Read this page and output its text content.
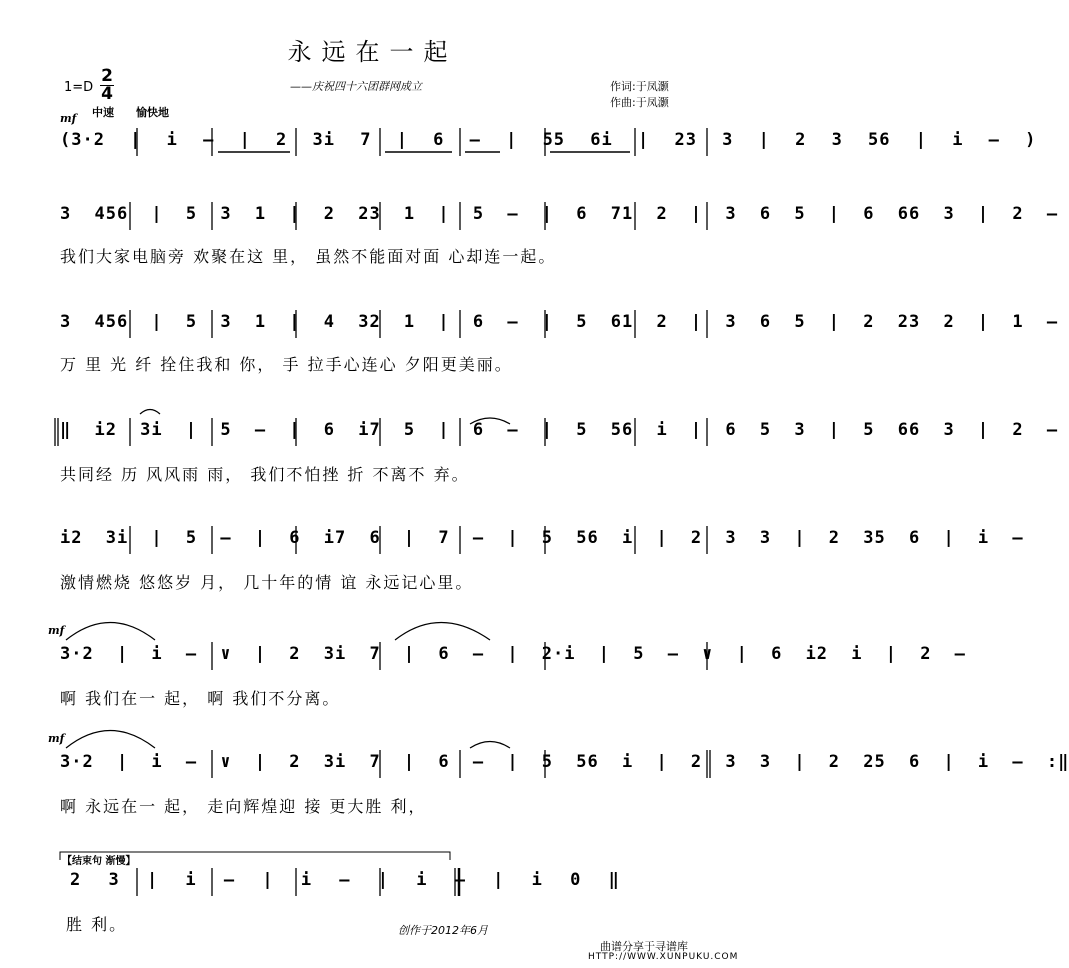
永远在一起
——庆祝四十六团群网成立	作词:于凤灏
作曲:于凤灏
1=D
2
4
mf 中速　　愉快地
(3·2 | i – | 2 3i 7 | 6 – | 55 6i | 23 3 | 2 3 56 | i – )
3 456 | 5 3 1 | 2 23 1 | 5 – | 6 71 2 | 3 6 5 | 6 66 3 | 2 –
我们大家电脑旁 欢聚在这 里， 虽然不能面对面 心却连一起。
3 456 | 5 3 1 | 4 32 1 | 6 – | 5 61 2 | 3 6 5 | 2 23 2 | 1 –
万 里 光 纤 拴住我和 你， 手 拉手心连心 夕阳更美丽。
‖ i2 3i | 5 – | 6 i7 5 | 6 – | 5 56 i | 6 5 3 | 5 66 3 | 2 –
共同经 历 风风雨 雨， 我们不怕挫 折 不离不 弃。
i2 3i | 5 – | 6 i7 6 | 7 – | 5 56 i | 2 3 3 | 2 35 6 | i –
激情燃烧 悠悠岁 月， 几十年的情 谊 永远记心里。
mf
3·2 | i – ∨ | 2 3i 7 | 6 – | 2·i | 5 – ∨ | 6 i2 i | 2 –
啊 我们在一 起， 啊 我们不分离。
mf
3·2 | i – ∨ | 2 3i 7 | 6 – | 5 56 i | 2 3 3 | 2 25 6 | i – :‖
啊 永远在一 起， 走向辉煌迎 接 更大胜 利，
【结束句 渐慢】
2 3 | i – | i – | i – | i 0 ‖
胜 利。	创作于2012年6月
曲谱分享于寻谱库
HTTP://WWW.XUNPUKU.COM
